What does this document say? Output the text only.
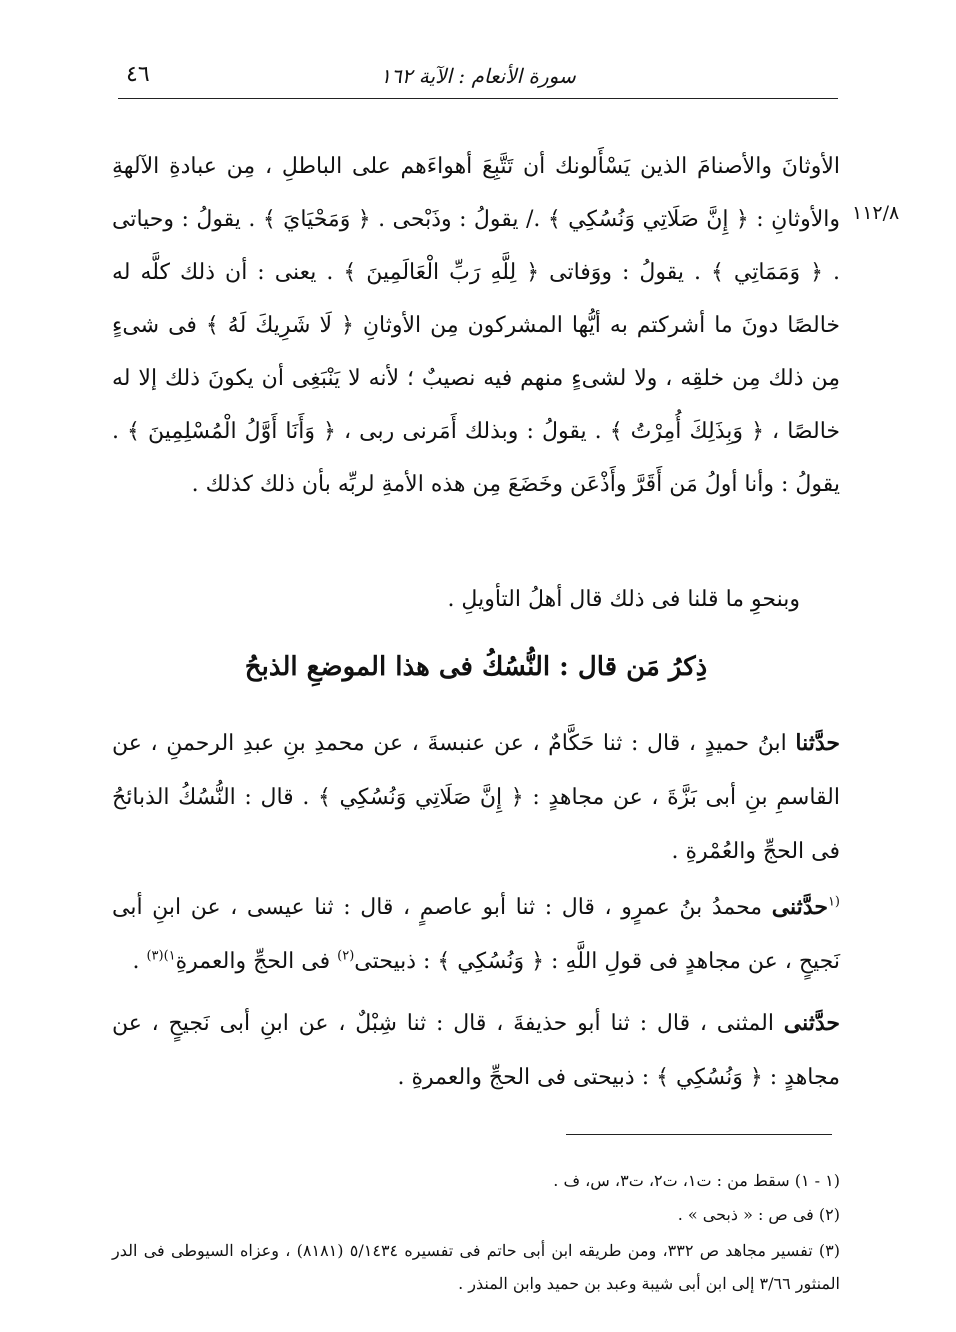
٤٦	سورة الأنعام : الآية ١٦٢
١١٢/٨
الأوثانَ والأصنامَ الذين يَسْأَلونك أن تَتَّبِعَ أهواءَهم على الباطلِ ، مِن عبادةِ الآلهةِ والأوثانِ : ﴿ إِنَّ صَلَاتِي وَنُسُكِي ﴾ ./ يقولُ : وذَبْحى . ﴿ وَمَحْيَايَ ﴾ . يقولُ : وحياتى . ﴿ وَمَمَاتِي ﴾ . يقولُ : ووَفاتى ﴿ لِلَّهِ رَبِّ الْعَالَمِينَ ﴾ . يعنى : أن ذلك كلَّه له خالصًا دونَ ما أشركتم به أيُّها المشركون مِن الأوثانِ ﴿ لَا شَرِيكَ لَهُ ﴾ فى شىءٍ مِن ذلك مِن خلقِه ، ولا لشىءٍ منهم فيه نصيبٌ ؛ لأنه لا يَنْبَغِى أن يكونَ ذلك إلا له خالصًا ، ﴿ وَبِذَلِكَ أُمِرْتُ ﴾ . يقولُ : وبذلك أَمَرنى ربى ، ﴿ وَأَنَا أَوَّلُ الْمُسْلِمِينَ ﴾ . يقولُ : وأنا أولُ مَن أَقَرَّ وأَذْعَن وخَضَعَ مِن هذه الأمةِ لربِّه بأن ذلك كذلك .
وبنحوِ ما قلنا فى ذلك قال أهلُ التأويلِ .
ذِكرُ مَن قال : النُّسُكُ فى هذا الموضعِ الذبحُ
حدَّثنا ابنُ حميدٍ ، قال : ثنا حَكَّامٌ ، عن عنبسةَ ، عن محمدِ بنِ عبدِ الرحمنِ ، عن القاسمِ بنِ أبى بَزَّةَ ، عن مجاهدٍ : ﴿ إِنَّ صَلَاتِي وَنُسُكِي ﴾ . قال : النُّسُكُ الذبائحُ فى الحجِّ والعُمْرةِ .
$^{(١}$حدَّثنى محمدُ بنُ عمرٍو ، قال : ثنا أبو عاصمٍ ، قال : ثنا عيسى ، عن ابنِ أبى نَجيحٍ ، عن مجاهدٍ فى قولِ اللَّهِ : ﴿ وَنُسُكِي ﴾ : ذبيحتى$^{(٢)}$ فى الحجِّ والعمرةِ$^{١)(٣)}$ .
حدَّثنى المثنى ، قال : ثنا أبو حذيفةَ ، قال : ثنا شِبْلٌ ، عن ابنِ أبى نَجيحٍ ، عن مجاهدٍ : ﴿ وَنُسُكِي ﴾ : ذبيحتى فى الحجِّ والعمرةِ .
(١ - ١) سقط من : ت١، ت٢، ت٣، س، ف .
(٢) فى ص : « ذبحى » .
(٣) تفسير مجاهد ص ٣٣٢، ومن طريقه ابن أبى حاتم فى تفسيره ٥/١٤٣٤ (٨١٨١) ، وعزاه السيوطى فى الدر المنثور ٣/٦٦ إلى ابن أبى شيبة وعبد بن حميد وابن المنذر .
